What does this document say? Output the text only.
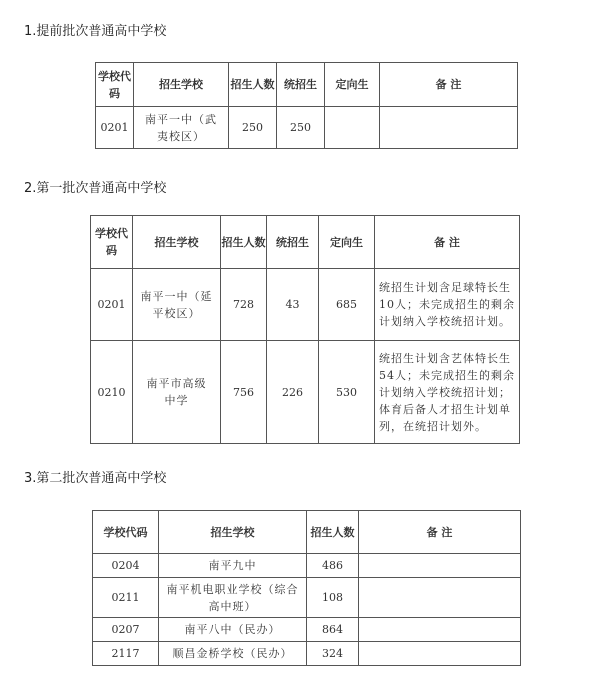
1.提前批次普通高中学校
学校代码	招生学校	招生人数	统招生	定向生	备 注
0201	南平一中（武夷校区）	250	250		
2.第一批次普通高中学校
学校代码	招生学校	招生人数	统招生	定向生	备 注
0201	南平一中（延平校区）	728	43	685	统招生计划含足球特长生10人；未完成招生的剩余计划纳入学校统招计划。
0210	南平市高级中学	756	226	530	统招生计划含艺体特长生54人；未完成招生的剩余计划纳入学校统招计划；体育后备人才招生计划单列，在统招计划外。
3.第二批次普通高中学校
学校代码	招生学校	招生人数	备 注
0204	南平九中	486	
0211	南平机电职业学校（综合高中班）	108	
0207	南平八中（民办）	864	
2117	顺昌金桥学校（民办）	324	
